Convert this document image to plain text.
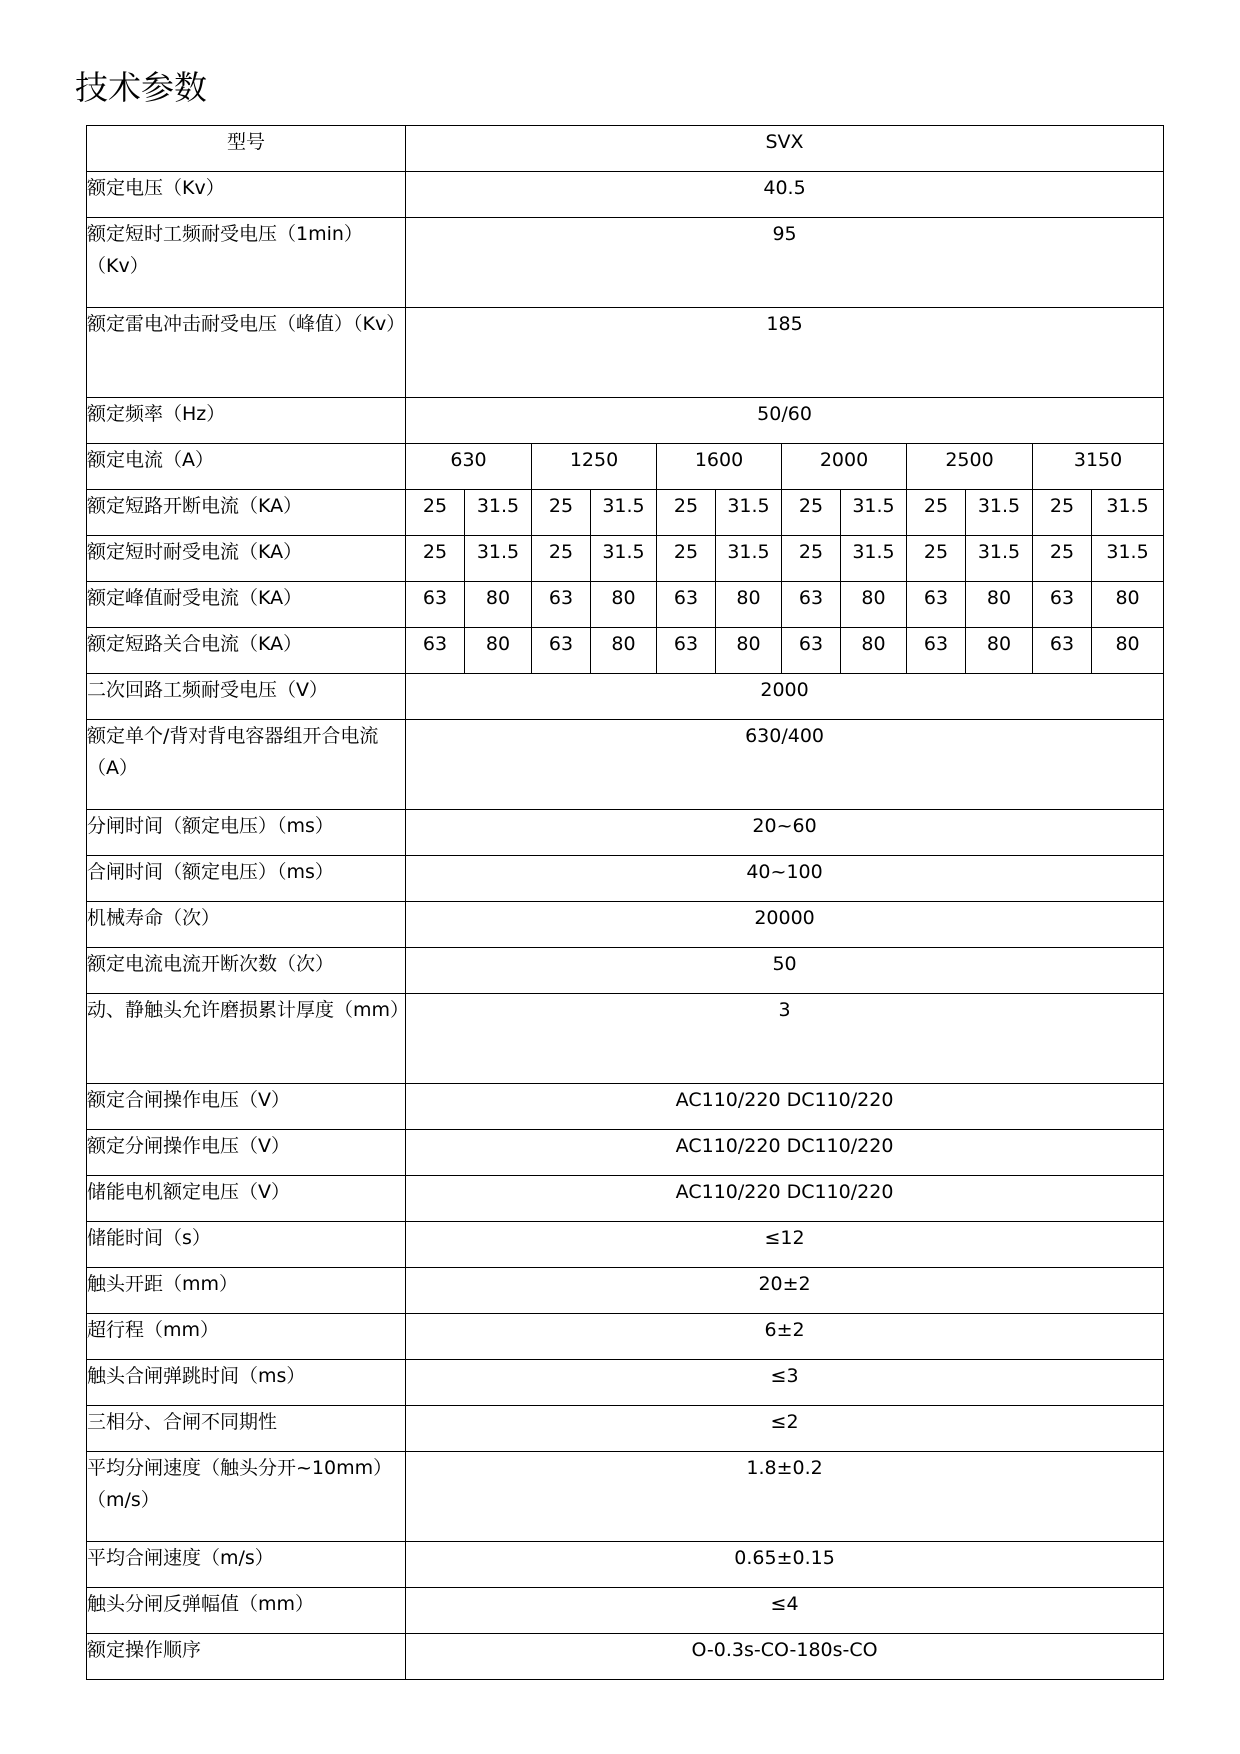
技术参数
型号	SVX											
额定电压（Kv）	40.5											
额定短时工频耐受电压（1min）（Kv）	95											
额定雷电冲击耐受电压（峰值）（Kv）	185											
额定频率（Hz）	50/60											
额定电流（A）	630		1250		1600		2000		2500		3150	
额定短路开断电流（KA）	25	31.5	25	31.5	25	31.5	25	31.5	25	31.5	25	31.5
额定短时耐受电流（KA）	25	31.5	25	31.5	25	31.5	25	31.5	25	31.5	25	31.5
额定峰值耐受电流（KA）	63	80	63	80	63	80	63	80	63	80	63	80
额定短路关合电流（KA）	63	80	63	80	63	80	63	80	63	80	63	80
二次回路工频耐受电压（V）	2000											
额定单个/背对背电容器组开合电流（A）	630/400											
分闸时间（额定电压）（ms）	20~60											
合闸时间（额定电压）（ms）	40~100											
机械寿命（次）	20000											
额定电流电流开断次数（次）	50											
动、静触头允许磨损累计厚度（mm）	3											
额定合闸操作电压（V）	AC110/220 DC110/220											
额定分闸操作电压（V）	AC110/220 DC110/220											
储能电机额定电压（V）	AC110/220 DC110/220											
储能时间（s）	≤12											
触头开距（mm）	20±2											
超行程（mm）	6±2											
触头合闸弹跳时间（ms）	≤3											
三相分、合闸不同期性	≤2											
平均分闸速度（触头分开~10mm）（m/s）	1.8±0.2											
平均合闸速度（m/s）	0.65±0.15											
触头分闸反弹幅值（mm）	≤4											
额定操作顺序	O-0.3s-CO-180s-CO											
